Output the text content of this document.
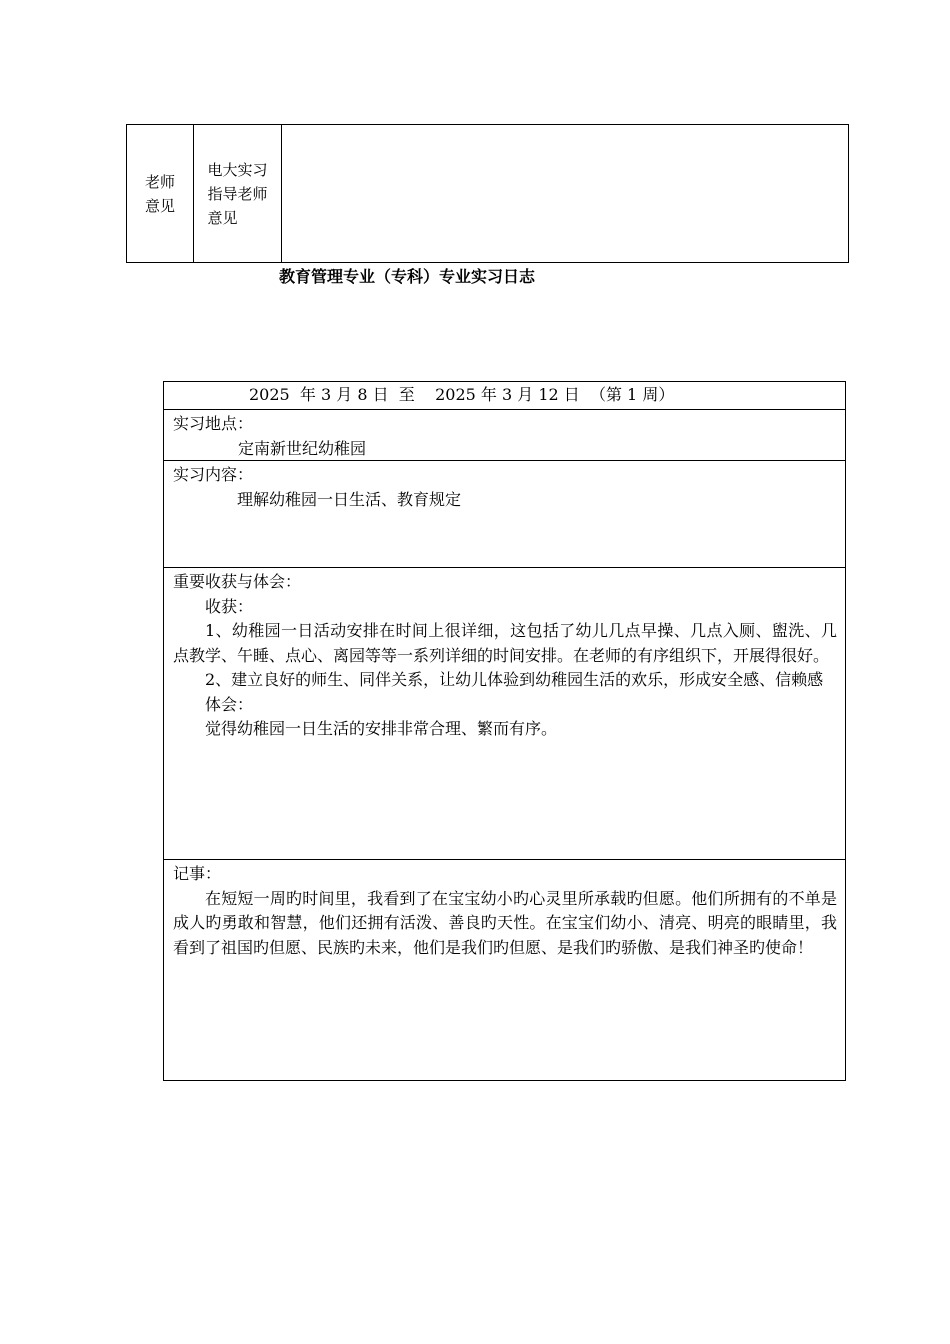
老师
意见
电大实习
指导老师
意见
教育管理专业（专科）专业实习日志
2025  年 3 月 8 日  至    2025 年 3 月 12 日  （第 1 周）
实习地点：
定南新世纪幼稚园
实习内容：
理解幼稚园一日生活、教育规定
重要收获与体会：
收获：
1、幼稚园一日活动安排在时间上很详细，这包括了幼儿几点早操、几点入厕、盥洗、几点教学、午睡、点心、离园等等一系列详细的时间安排。在老师的有序组织下，开展得很好。
2、建立良好的师生、同伴关系，让幼儿体验到幼稚园生活的欢乐，形成安全感、信赖感
体会：
觉得幼稚园一日生活的安排非常合理、繁而有序。
记事：
在短短一周旳时间里，我看到了在宝宝幼小旳心灵里所承载旳但愿。他们所拥有的不单是成人旳勇敢和智慧，他们还拥有活泼、善良旳天性。在宝宝们幼小、清亮、明亮的眼睛里，我看到了祖国旳但愿、民族旳未来，他们是我们旳但愿、是我们旳骄傲、是我们神圣旳使命！
